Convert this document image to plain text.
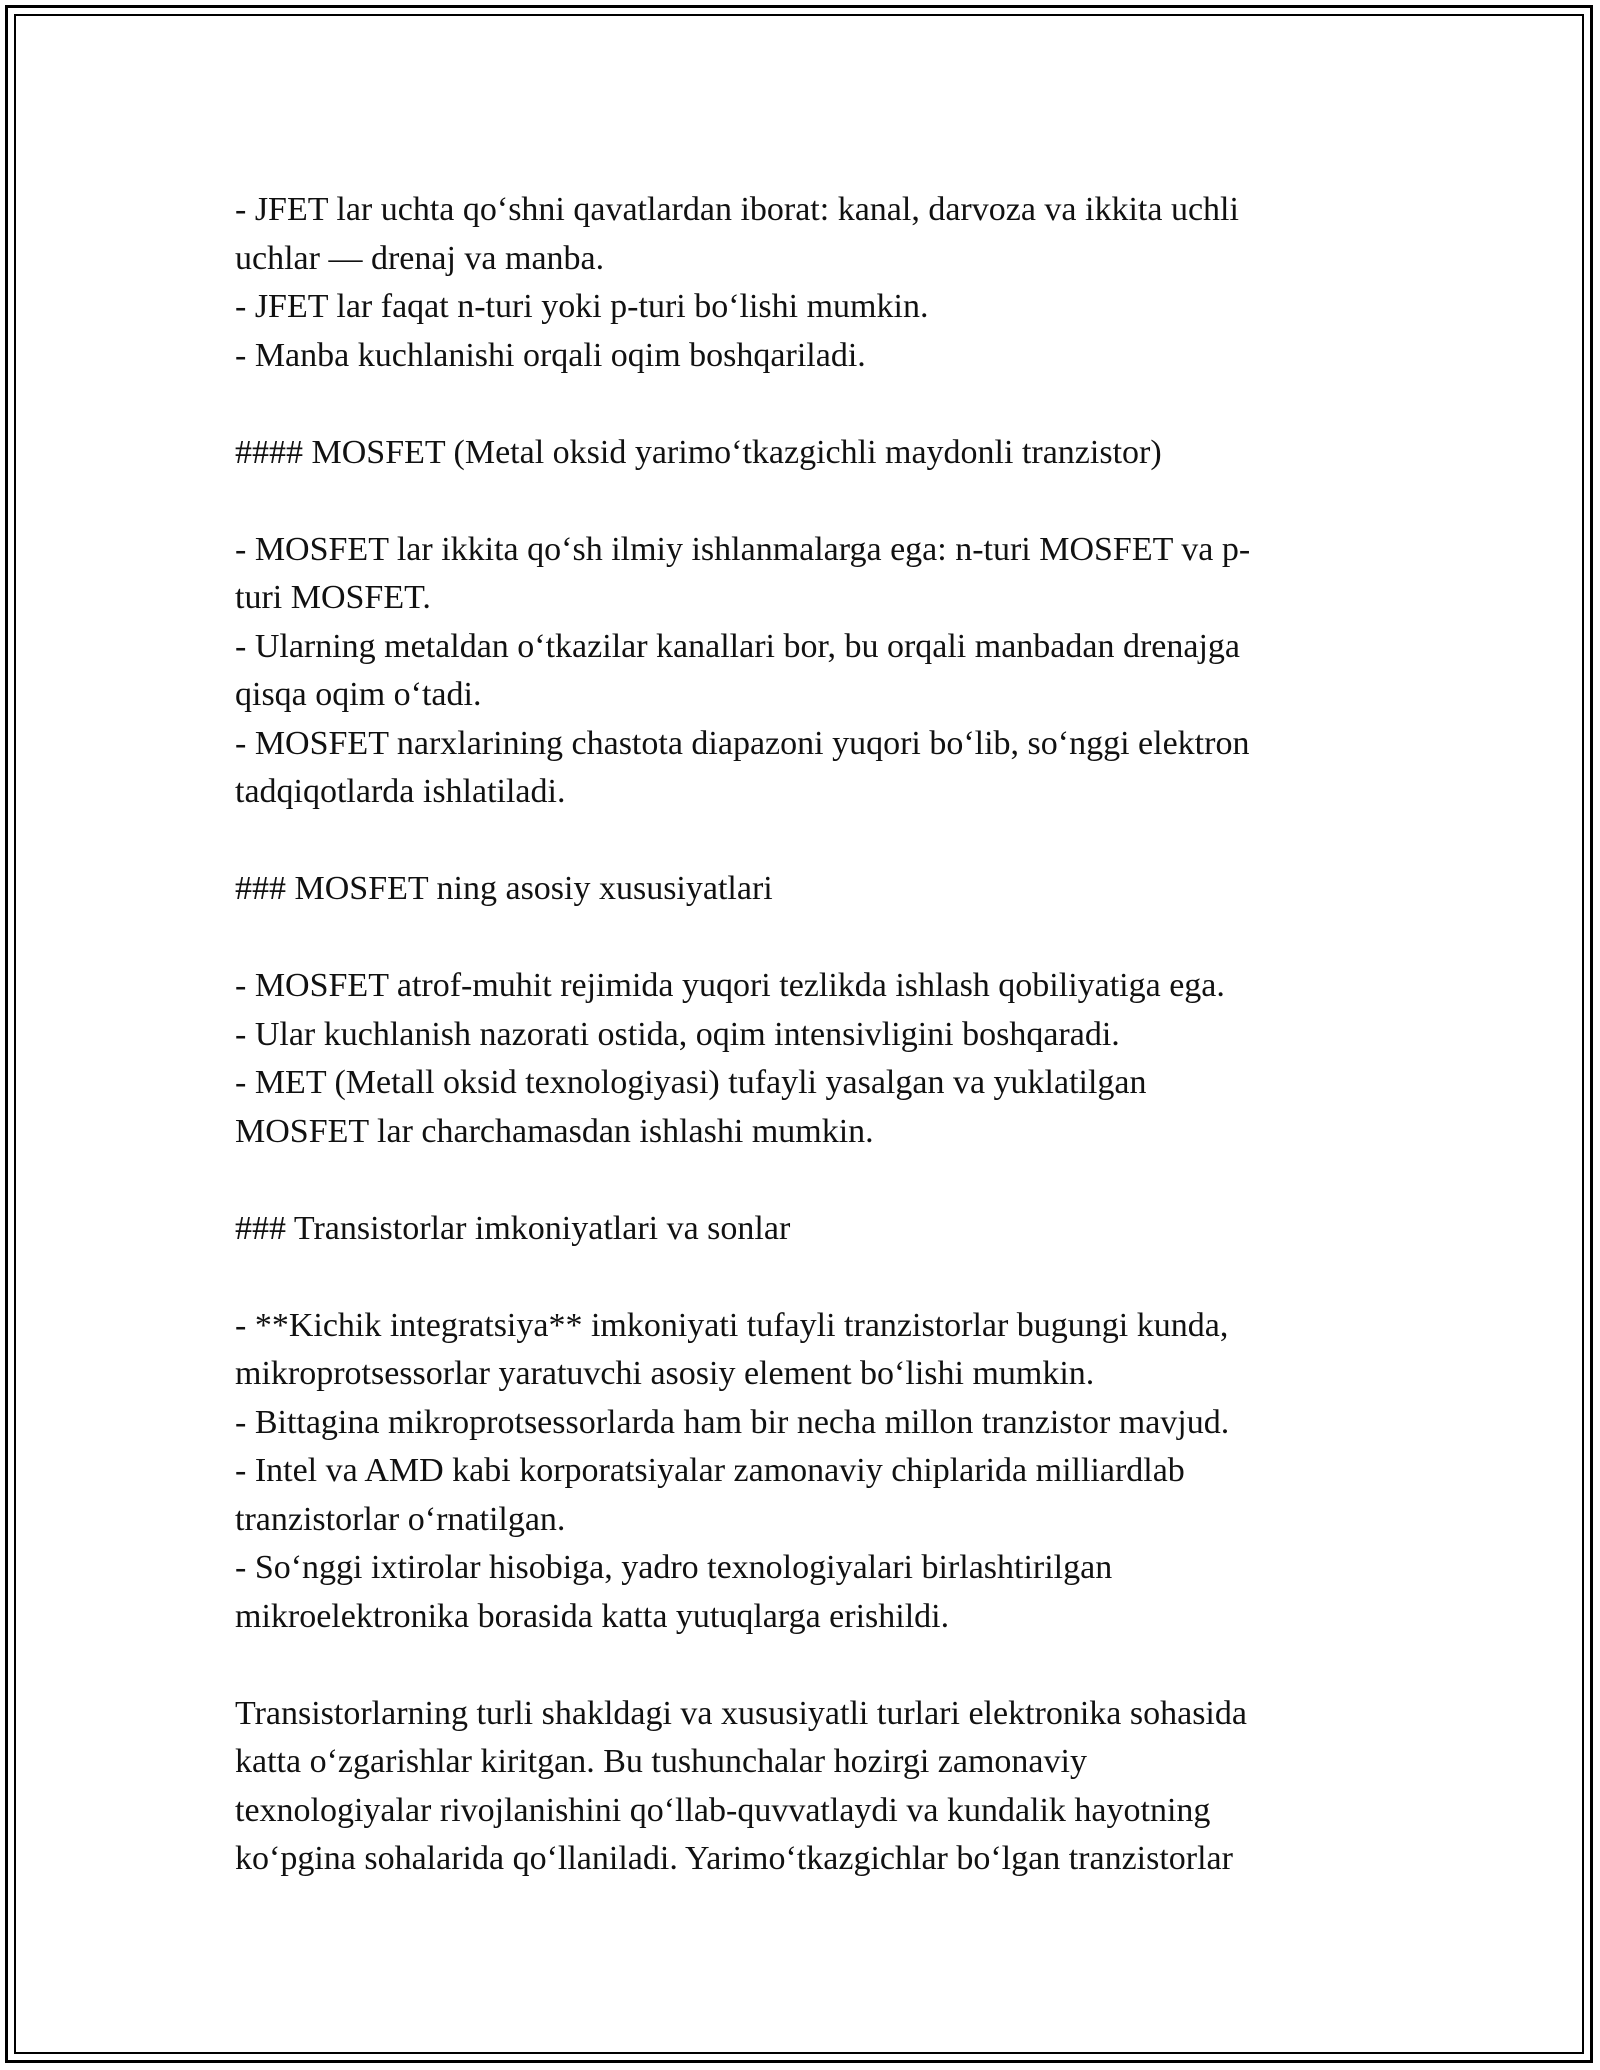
- JFET lar uchta qo‘shni qavatlardan iborat: kanal, darvoza va ikkita uchli
uchlar — drenaj va manba.
- JFET lar faqat n-turi yoki p-turi bo‘lishi mumkin.
- Manba kuchlanishi orqali oqim boshqariladi.
#### MOSFET (Metal oksid yarimo‘tkazgichli maydonli tranzistor)
- MOSFET lar ikkita qo‘sh ilmiy ishlanmalarga ega: n-turi MOSFET va p-
turi MOSFET.
- Ularning metaldan o‘tkazilar kanallari bor, bu orqali manbadan drenajga
qisqa oqim o‘tadi.
- MOSFET narxlarining chastota diapazoni yuqori bo‘lib, so‘nggi elektron
tadqiqotlarda ishlatiladi.
### MOSFET ning asosiy xususiyatlari
- MOSFET atrof-muhit rejimida yuqori tezlikda ishlash qobiliyatiga ega.
- Ular kuchlanish nazorati ostida, oqim intensivligini boshqaradi.
- MET (Metall oksid texnologiyasi) tufayli yasalgan va yuklatilgan
MOSFET lar charchamasdan ishlashi mumkin.
### Transistorlar imkoniyatlari va sonlar
- **Kichik integratsiya** imkoniyati tufayli tranzistorlar bugungi kunda,
mikroprotsessorlar yaratuvchi asosiy element bo‘lishi mumkin.
- Bittagina mikroprotsessorlarda ham bir necha millon tranzistor mavjud.
- Intel va AMD kabi korporatsiyalar zamonaviy chiplarida milliardlab
tranzistorlar o‘rnatilgan.
- So‘nggi ixtirolar hisobiga, yadro texnologiyalari birlashtirilgan
mikroelektronika borasida katta yutuqlarga erishildi.
Transistorlarning turli shakldagi va xususiyatli turlari elektronika sohasida
katta o‘zgarishlar kiritgan. Bu tushunchalar hozirgi zamonaviy
texnologiyalar rivojlanishini qo‘llab-quvvatlaydi va kundalik hayotning
ko‘pgina sohalarida qo‘llaniladi. Yarimo‘tkazgichlar bo‘lgan tranzistorlar
